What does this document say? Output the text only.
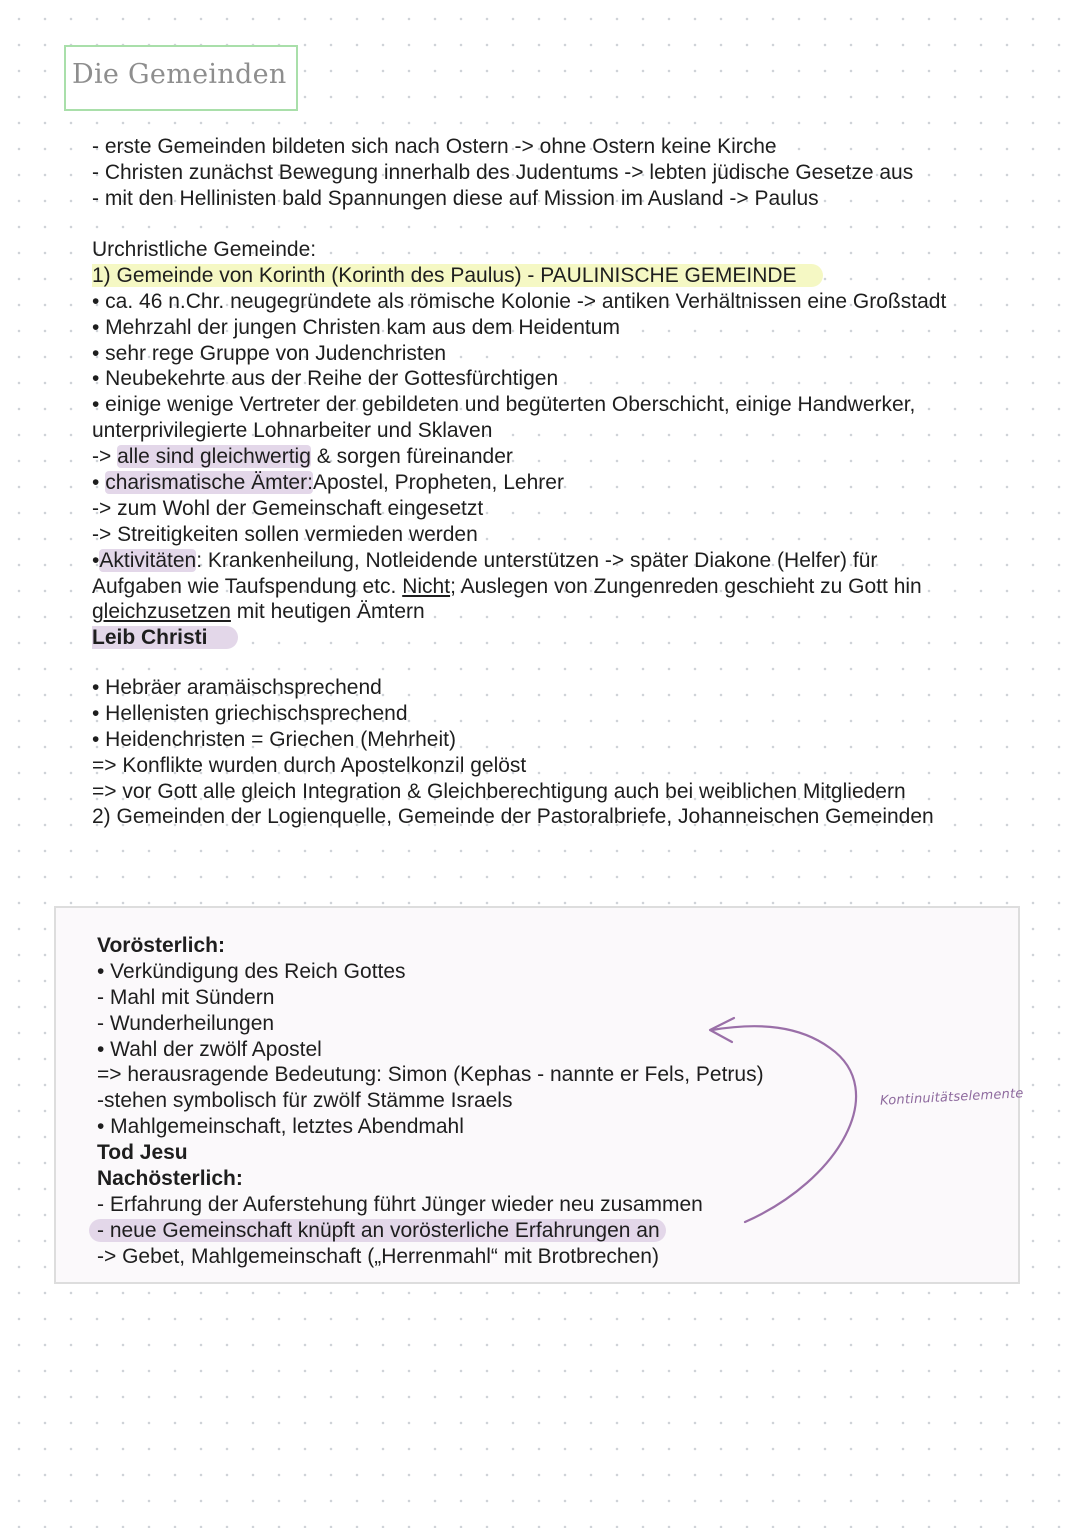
Die Gemeinden
- erste Gemeinden bildeten sich nach Ostern -> ohne Ostern keine Kirche
- Christen zunächst Bewegung innerhalb des Judentums -> lebten jüdische Gesetze aus
- mit den Hellinisten bald Spannungen diese auf Mission im Ausland -> Paulus
Urchristliche Gemeinde:
1) Gemeinde von Korinth (Korinth des Paulus) - PAULINISCHE GEMEINDE
• ca. 46 n.Chr. neugegründete als römische Kolonie -> antiken Verhältnissen eine Großstadt
• Mehrzahl der jungen Christen kam aus dem Heidentum
• sehr rege Gruppe von Judenchristen
• Neubekehrte aus der Reihe der Gottesfürchtigen
• einige wenige Vertreter der gebildeten und begüterten Oberschicht, einige Handwerker,
unterprivilegierte Lohnarbeiter und Sklaven
-> alle sind gleichwertig & sorgen füreinander
• charismatische Ämter:Apostel, Propheten, Lehrer
-> zum Wohl der Gemeinschaft eingesetzt
-> Streitigkeiten sollen vermieden werden
•Aktivitäten: Krankenheilung, Notleidende unterstützen -> später Diakone (Helfer) für
Aufgaben wie Taufspendung etc. Nicht; Auslegen von Zungenreden geschieht zu Gott hin
gleichzusetzen mit heutigen Ämtern
Leib Christi
• Hebräer aramäischsprechend
• Hellenisten griechischsprechend
• Heidenchristen = Griechen (Mehrheit)
=> Konflikte wurden durch Apostelkonzil gelöst
=> vor Gott alle gleich Integration & Gleichberechtigung auch bei weiblichen Mitgliedern
2) Gemeinden der Logienquelle, Gemeinde der Pastoralbriefe, Johanneischen Gemeinden
Vorösterlich:
• Verkündigung des Reich Gottes
- Mahl mit Sündern
- Wunderheilungen
• Wahl der zwölf Apostel
=> herausragende Bedeutung: Simon (Kephas - nannte er Fels, Petrus)
-stehen symbolisch für zwölf Stämme Israels
• Mahlgemeinschaft, letztes Abendmahl
Tod Jesu
Nachösterlich:
- Erfahrung der Auferstehung führt Jünger wieder neu zusammen
- neue Gemeinschaft knüpft an vorösterliche Erfahrungen an
-> Gebet, Mahlgemeinschaft („Herrenmahl“ mit Brotbrechen)
Kontinuitätselemente
